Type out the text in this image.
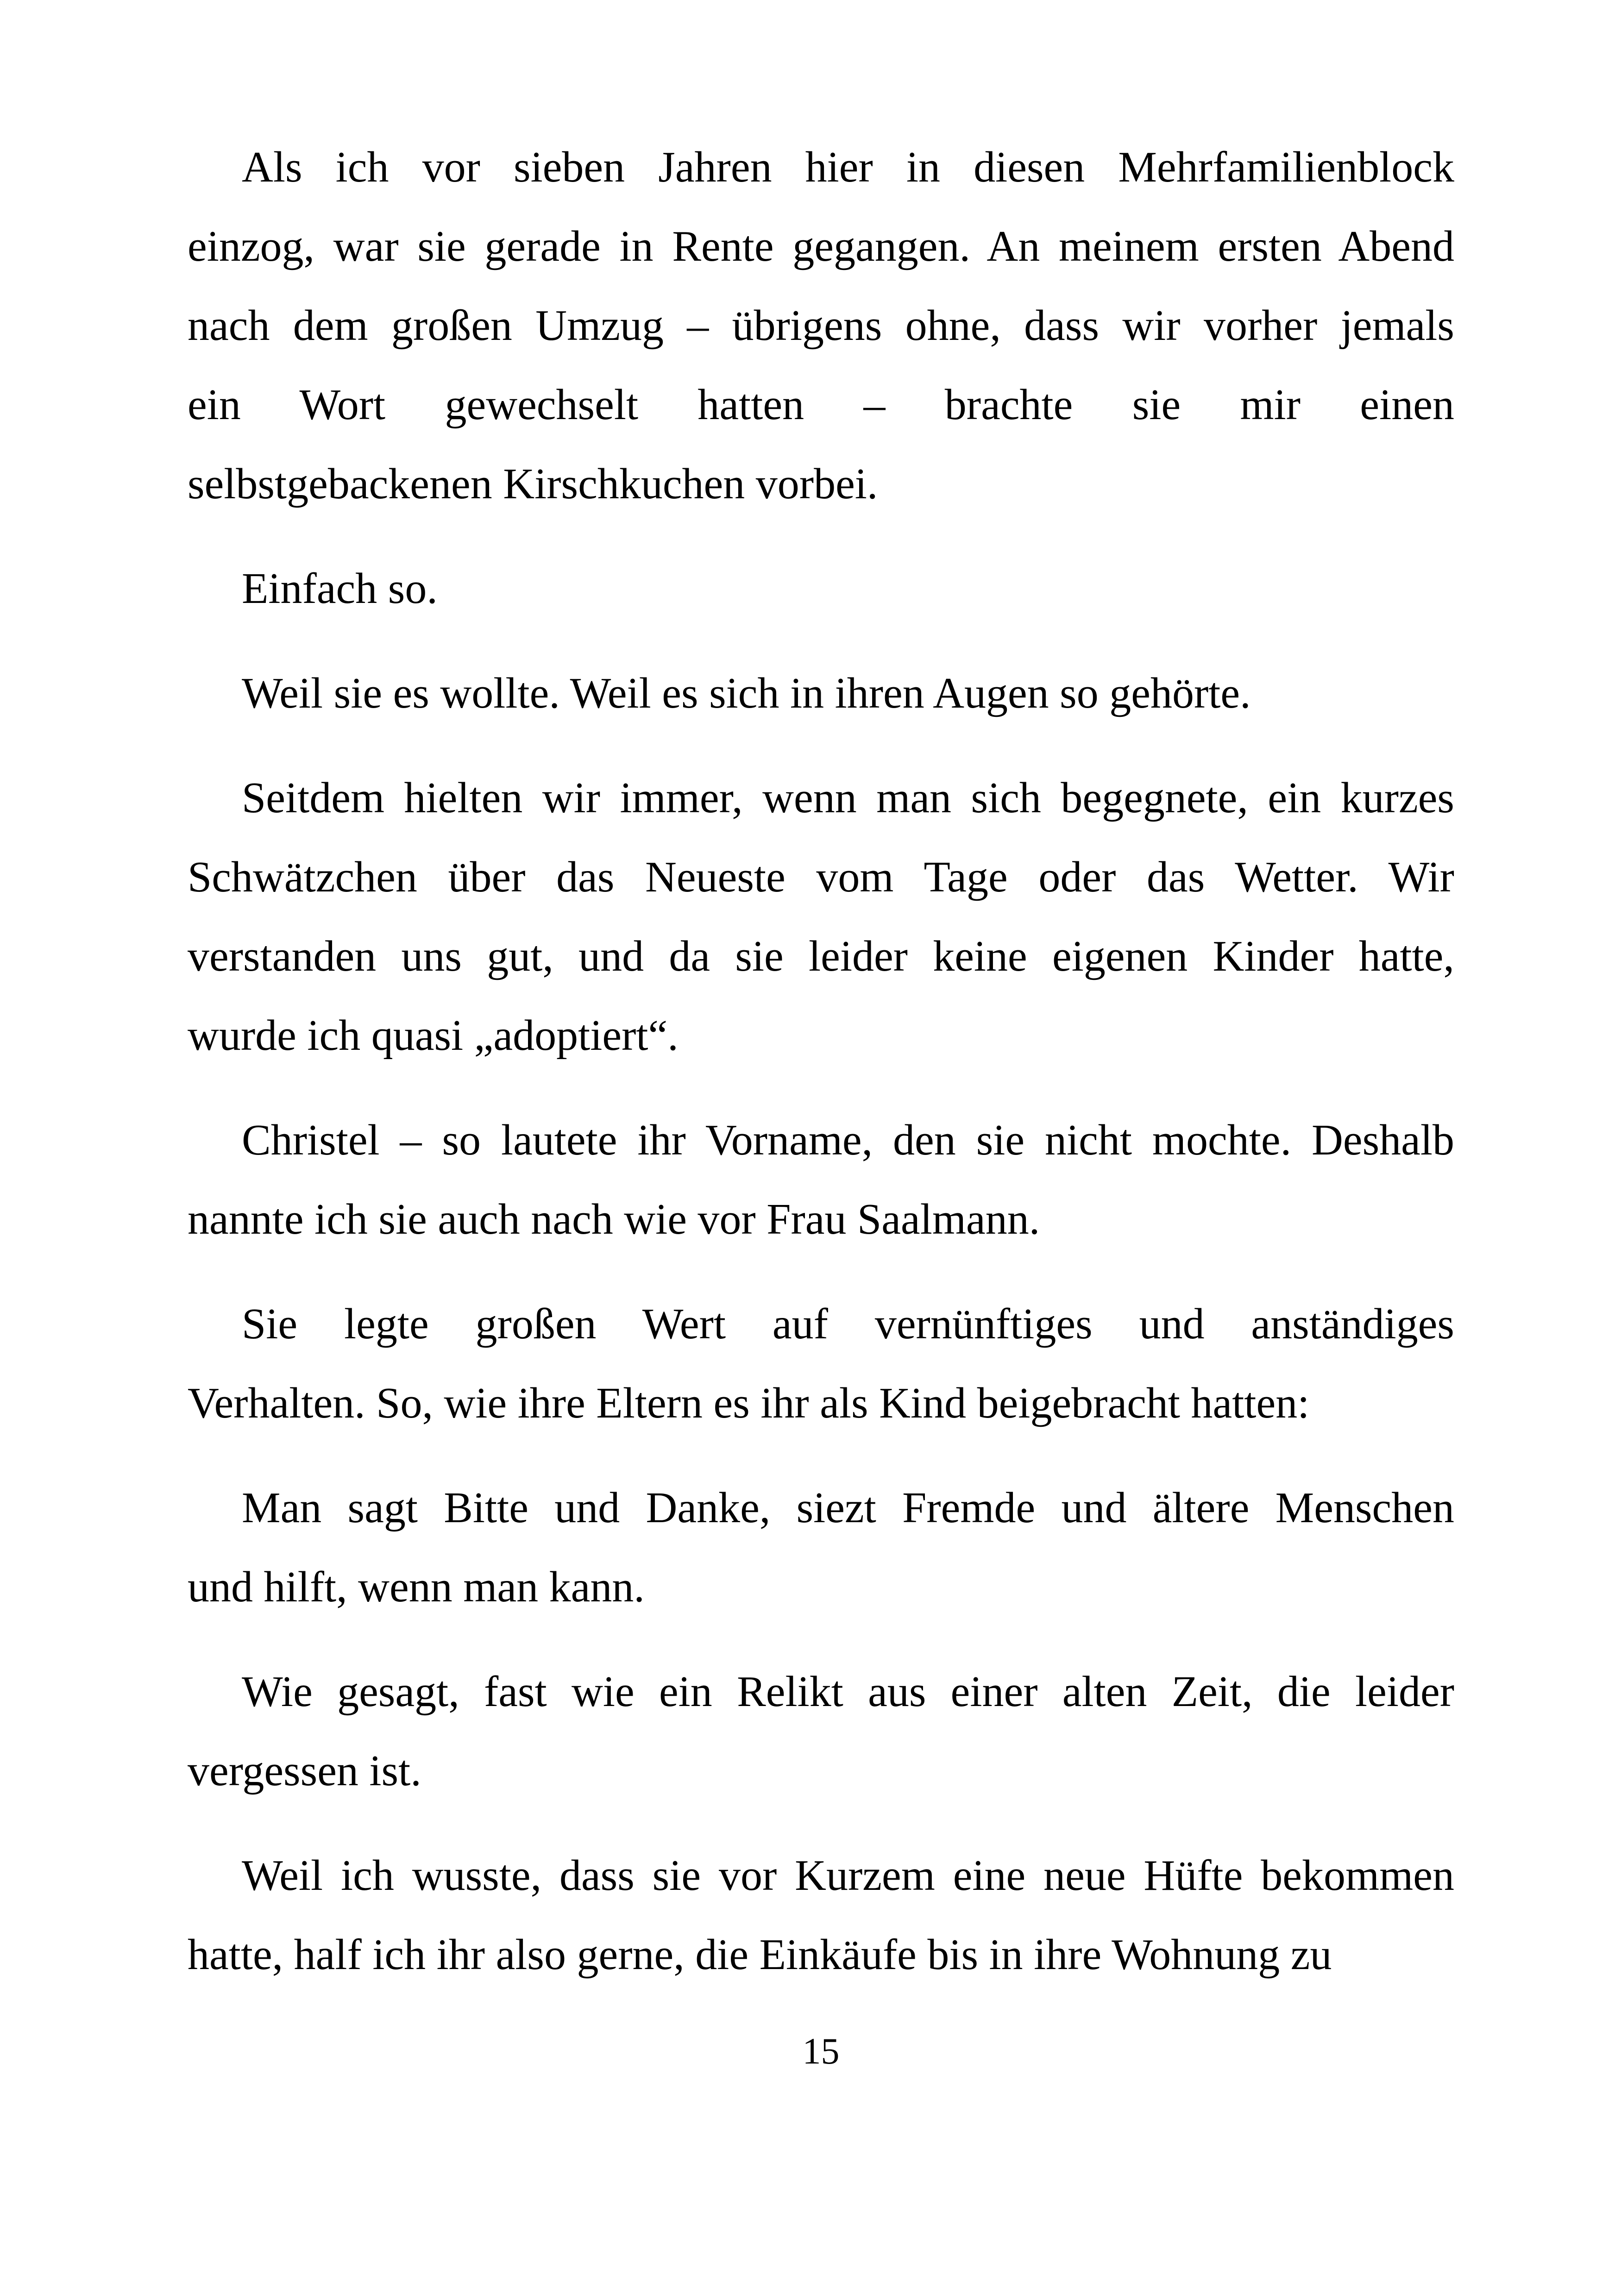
Als ich vor sieben Jahren hier in diesen Mehrfamilienblock
einzog, war sie gerade in Rente gegangen. An meinem ersten Abend
nach dem großen Umzug – übrigens ohne, dass wir vorher jemals
ein Wort gewechselt hatten – brachte sie mir einen
selbstgebackenen Kirschkuchen vorbei.
Einfach so.
Weil sie es wollte. Weil es sich in ihren Augen so gehörte.
Seitdem hielten wir immer, wenn man sich begegnete, ein kurzes
Schwätzchen über das Neueste vom Tage oder das Wetter. Wir
verstanden uns gut, und da sie leider keine eigenen Kinder hatte,
wurde ich quasi „adoptiert“.
Christel – so lautete ihr Vorname, den sie nicht mochte. Deshalb
nannte ich sie auch nach wie vor Frau Saalmann.
Sie legte großen Wert auf vernünftiges und anständiges
Verhalten. So, wie ihre Eltern es ihr als Kind beigebracht hatten:
Man sagt Bitte und Danke, siezt Fremde und ältere Menschen
und hilft, wenn man kann.
Wie gesagt, fast wie ein Relikt aus einer alten Zeit, die leider
vergessen ist.
Weil ich wusste, dass sie vor Kurzem eine neue Hüfte bekommen
hatte, half ich ihr also gerne, die Einkäufe bis in ihre Wohnung zu
15
